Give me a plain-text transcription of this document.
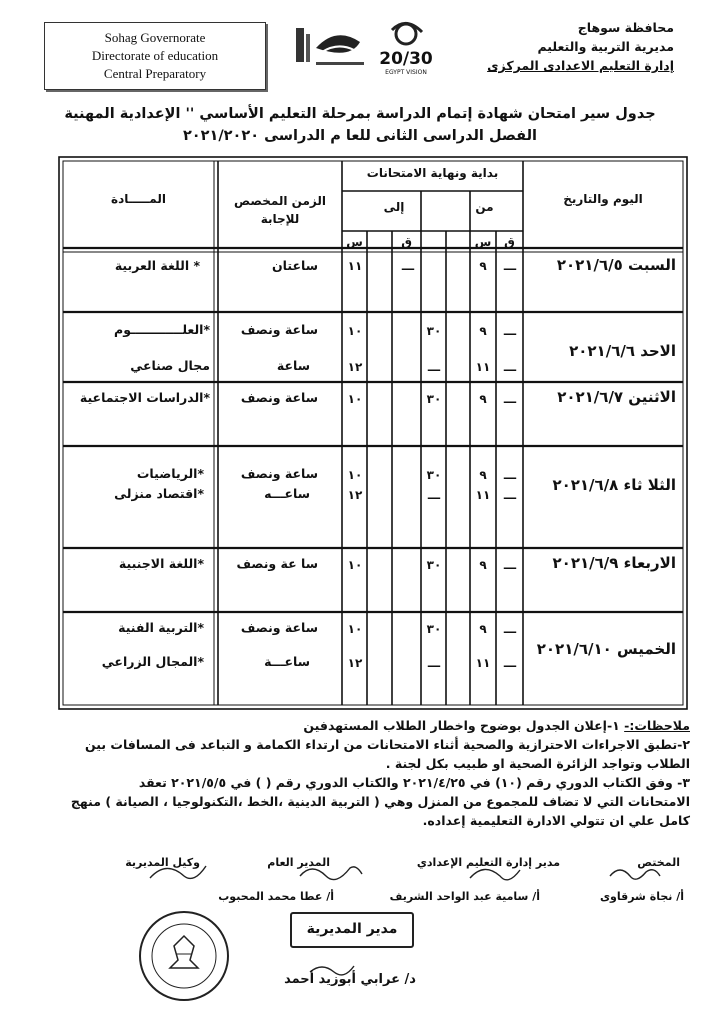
Sohag Governorate
Directorate of education
Central Preparatory
20/30
EGYPT VISION
محافظة سوهاج
مديرية التربية والتعليم
إدارة التعليم الاعدادى المركزى
جدول سير امتحان شهادة إتمام الدراسة بمرحلة التعليم الأساسي '' الإعدادية المهنية
الفصل الدراسى الثانى للعا م الدراسى ٢٠٢١/٢٠٢٠
اليوم والتاريخ
بداية ونهاية الامتحانات
من
إلى
ق
س
ق
س
الزمن المخصص للإجابة
المـــــادة
السبت ٢٠٢١/٦/٥
ـــ
٩
ـــ
١١
ساعتان
* اللغة العربية
الاحد ٢٠٢١/٦/٦
ـــ
٩
٣٠
١٠
ساعة ونصف
*العلــــــــــــوم
ـــ
١١
ـــ
١٢
ساعة
مجال صناعي
الاثنين ٢٠٢١/٦/٧
ـــ
٩
٣٠
١٠
ساعة ونصف
*الدراسات الاجتماعية
الثلا ثاء ٢٠٢١/٦/٨
ـــ
٩
٣٠
١٠
ساعة ونصف
*الرياضيات
ـــ
١١
ـــ
١٢
ساعـــه
*اقتصاد منزلى
الاربعاء ٢٠٢١/٦/٩
ـــ
٩
٣٠
١٠
سا عة ونصف
*اللغة الاجنبية
الخميس ٢٠٢١/٦/١٠
ـــ
٩
٣٠
١٠
ساعة ونصف
*التربية الفنية
ـــ
١١
ـــ
١٢
ساعـــة
*المجال الزراعي
ملاحظات:- ١-إعلان الجدول بوضوح واخطار الطلاب المستهدفين
٢-تطبق الاجراءات الاحترازية والصحية أثناء الامتحانات من ارتداء الكمامة و التباعد فى المسافات بين
الطلاب وتواجد الزائرة الصحية او طبيب بكل لجنة .
٣- وفق الكتاب الدوري رقم (١٠) في ٢٠٢١/٤/٢٥ والكتاب الدوري رقم ( ) في ٢٠٢١/٥/٥ تعقد
الامتحانات التي لا تضاف للمجموع من المنزل وهي ( التربية الدينية ،الخط ،التكنولوجيا ، الصيانة ) منهج
كامل علي ان تتولي الادارة التعليمية إعداده.
المختص
أ/ نجاة شرقاوى
مدير إدارة التعليم الإعدادي
أ/ سامية عبد الواحد الشريف
المدير العام
أ/ عطا محمد المحبوب
وكيل المديرية
مدير المديرية
د/ عرابي أبوزيد أحمد
